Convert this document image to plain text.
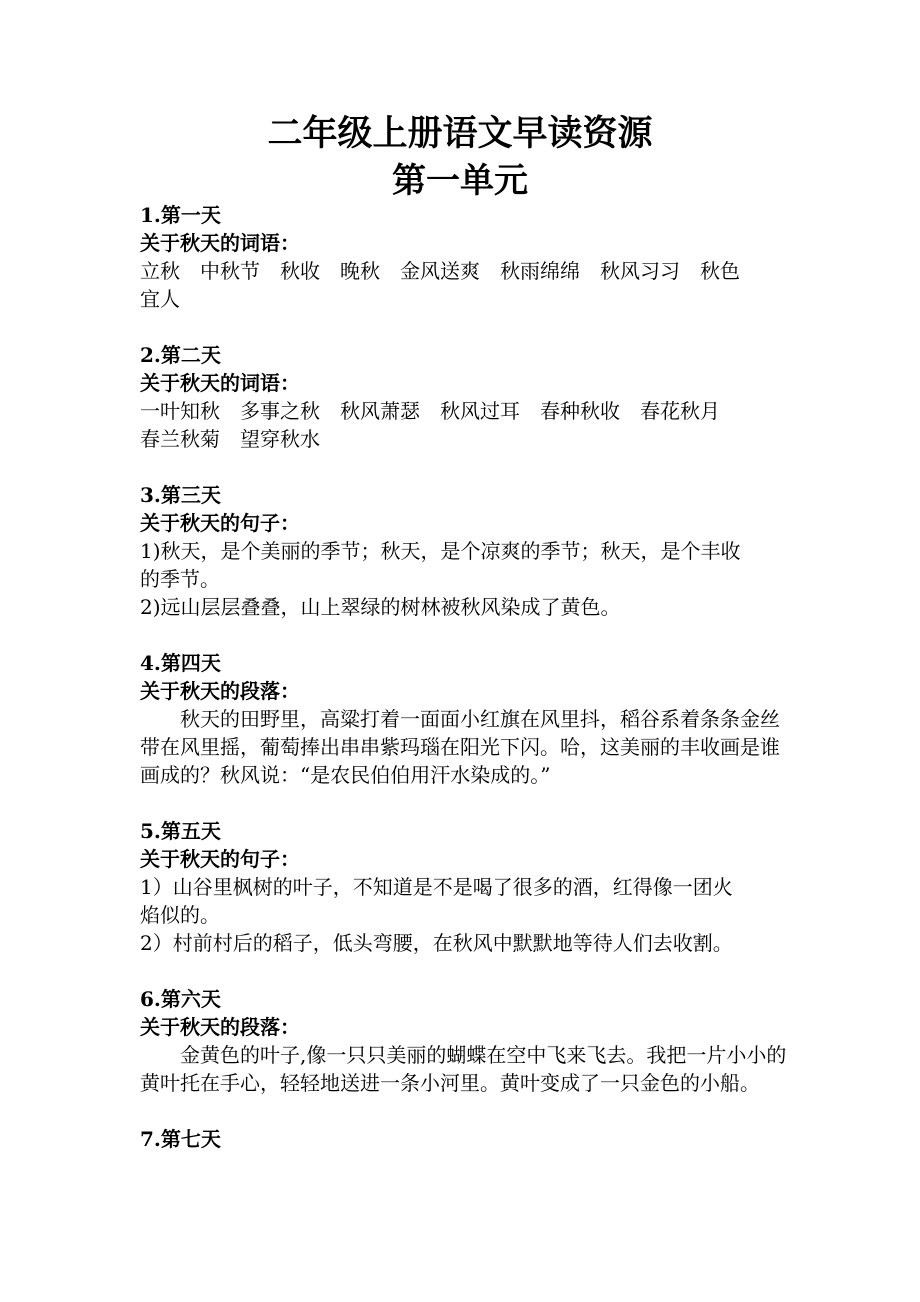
二年级上册语文早读资源
第一单元

1.第一天

关于秋天的词语：

立秋　中秋节　秋收　晚秋　金风送爽　秋雨绵绵　秋风习习　秋色

宜人

2.第二天

关于秋天的词语：

一叶知秋　多事之秋　秋风萧瑟　秋风过耳　春种秋收　春花秋月

春兰秋菊　望穿秋水

3.第三天

关于秋天的句子：

1)秋天，是个美丽的季节；秋天，是个凉爽的季节；秋天，是个丰收

的季节。

2)远山层层叠叠，山上翠绿的树林被秋风染成了黄色。

4.第四天

关于秋天的段落：

秋天的田野里，高粱打着一面面小红旗在风里抖，稻谷系着条条金丝带在风里摇，葡萄捧出串串紫玛瑙在阳光下闪。哈，这美丽的丰收画是谁画成的？秋风说：“是农民伯伯用汗水染成的。”

5.第五天

关于秋天的句子：

1）山谷里枫树的叶子，不知道是不是喝了很多的酒，红得像一团火

焰似的。

2）村前村后的稻子，低头弯腰，在秋风中默默地等待人们去收割。

6.第六天

关于秋天的段落：

金黄色的叶子,像一只只美丽的蝴蝶在空中飞来飞去。我把一片小小的黄叶托在手心，轻轻地送进一条小河里。黄叶变成了一只金色的小船。

7.第七天
